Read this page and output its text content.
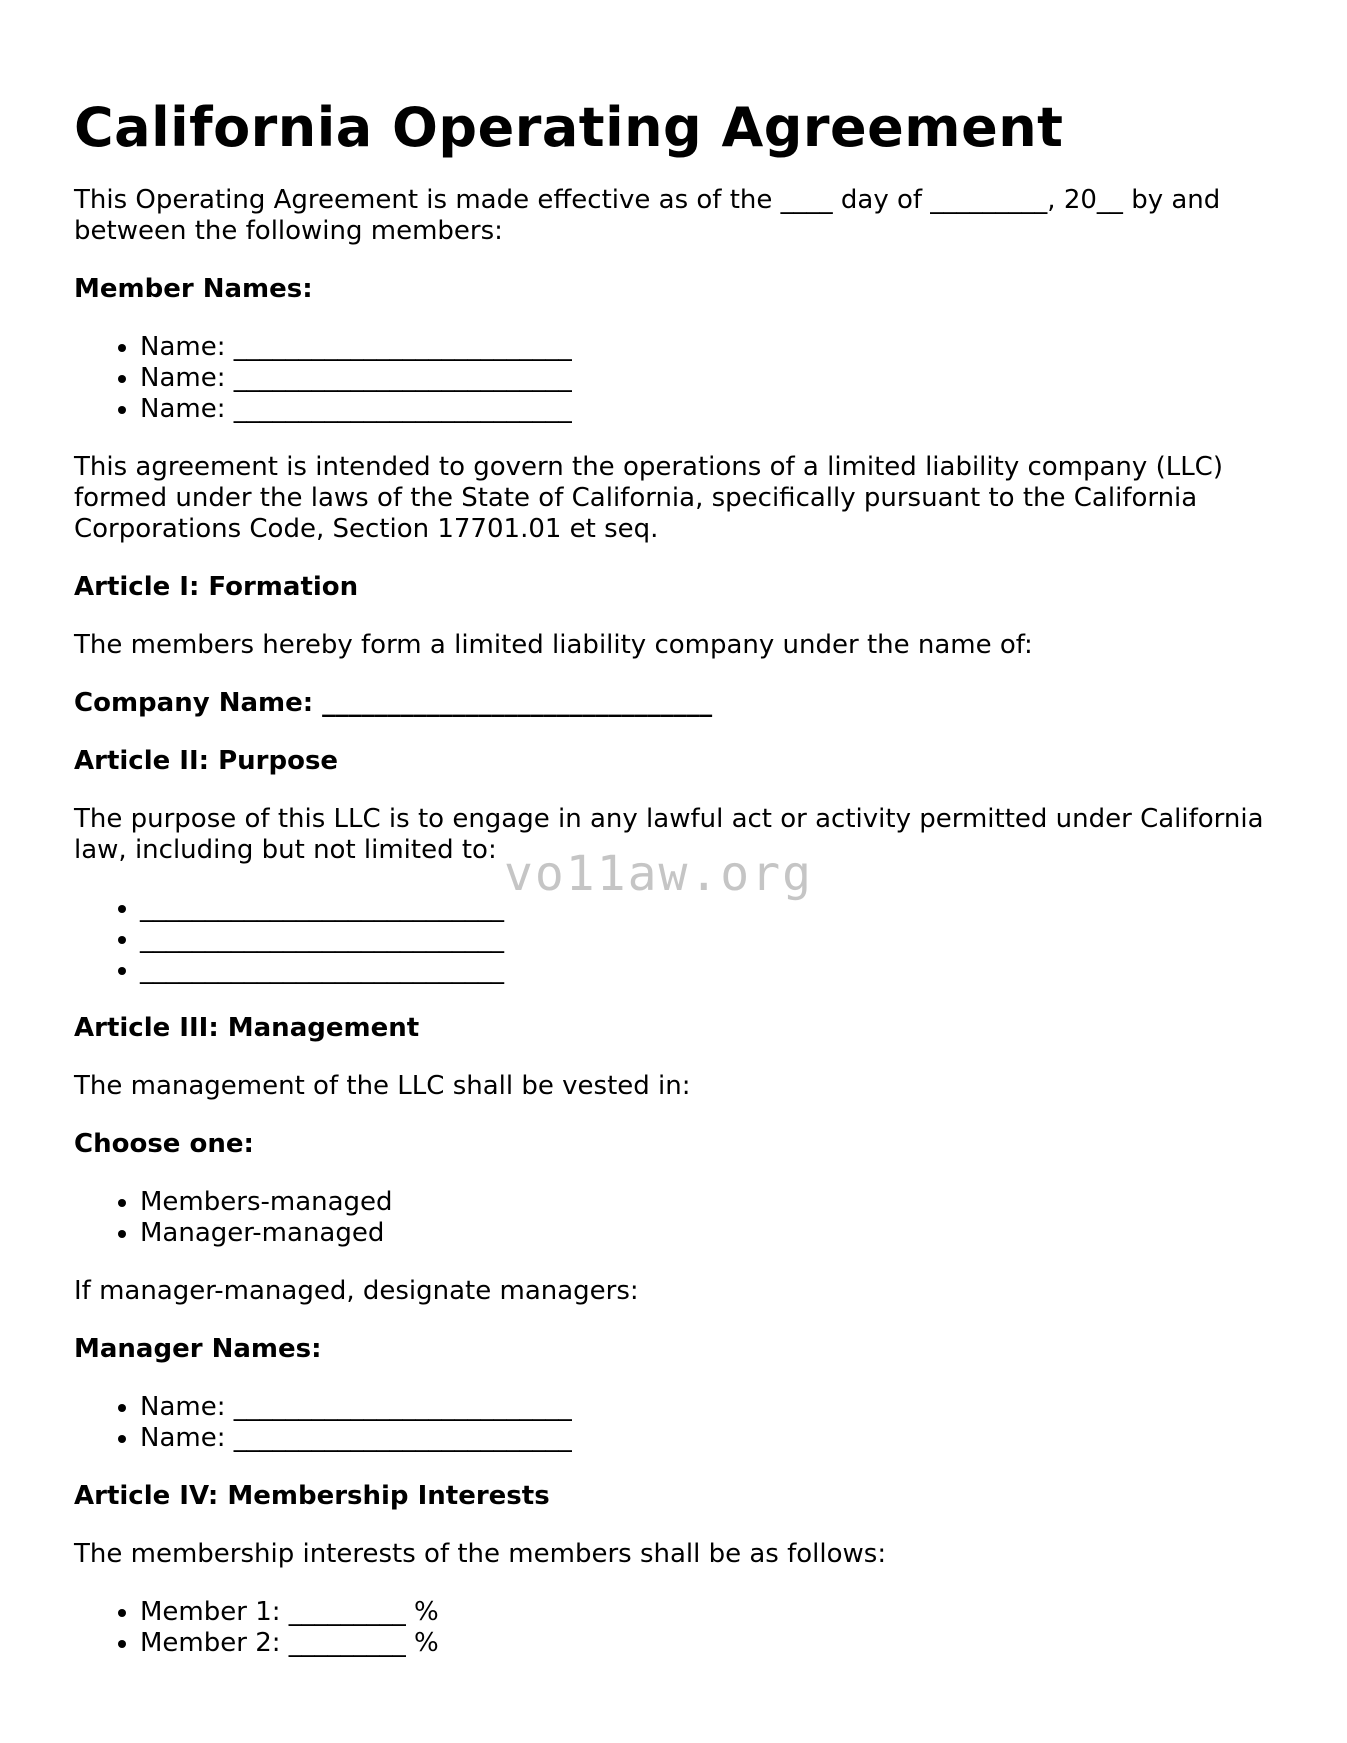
California Operating Agreement

This Operating Agreement is made effective as of the ____ day of _________, 20__ by and between the following members:

Member Names:

• Name: __________________________
• Name: __________________________
• Name: __________________________

This agreement is intended to govern the operations of a limited liability company (LLC) formed under the laws of the State of California, specifically pursuant to the California Corporations Code, Section 17701.01 et seq.

Article I: Formation

The members hereby form a limited liability company under the name of:

Company Name: ______________________________

Article II: Purpose

The purpose of this LLC is to engage in any lawful act or activity permitted under California law, including but not limited to:

• ____________________________
• ____________________________
• ____________________________

Article III: Management

The management of the LLC shall be vested in:

Choose one:

• Members-managed
• Manager-managed

If manager-managed, designate managers:

Manager Names:

• Name: __________________________
• Name: __________________________

Article IV: Membership Interests

The membership interests of the members shall be as follows:

• Member 1: _________ %
• Member 2: _________ %
vo11aw.org
